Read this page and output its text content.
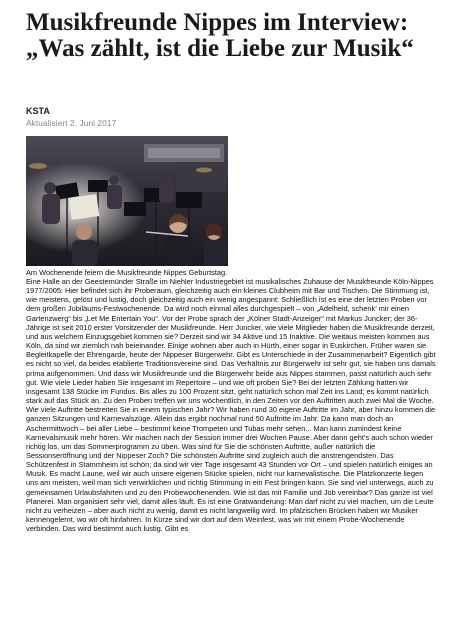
Musikfreunde Nippes im Interview: „Was zählt, ist die Liebe zur Musik“
KSTA
Aktualisiert 2. Juni 2017
Am Wochenende feiern die Musikfreunde Nippes Geburtstag.

Eine Halle an der Geestemünder Straße im Niehler Industriegebiet ist musikalisches Zuhause der Musikfreunde Köln-Nippes 1977/2005: Hier befindet sich ihr Proberaum, gleichzeitig auch ein kleines Clubheim mit Bar und Tischen. Die Stimmung ist, wie meistens, gelöst und lustig, doch gleichzeitig auch ein wenig angespannt: Schließlich ist es eine der letzten Proben vor dem großen Jubiläums-Festwochenende. Da wird noch einmal alles durchgespielt – von „Adelheid, schenk’ mir einen Gartenzwerg“ bis „Let Me Entertain You“. Vor der Probe sprach der „Kölner Stadt-Anzeiger“ mit Markus Juncker; der 36-Jährige ist seit 2010 erster Vorsitzender der Musikfreunde. Herr Juncker, wie viele Mitglieder haben die Musikfreunde derzeit, und aus welchem Einzugsgebiet kommen sie? Derzeit sind wir 34 Aktive und 15 Inaktive. Die weitaus meisten kommen aus Köln, da sind wir ziemlich nah beieinander. Einige wohnen aber auch in Hürth, einer sogar in Euskirchen. Früher waren sie Begleitkapelle der Ehrengarde, heute der Nippeser Bürgerwehr. Gibt es Unterschiede in der Zusammenarbeit? Eigentlich gibt es nicht so viel, da beides etablierte Traditionsvereine sind. Das Verhältnis zur Bürgerwehr ist sehr gut, sie haben uns damals prima aufgenommen. Und dass wir Musikfreunde und die Bürgerwehr beide aus Nippes stammen, passt natürlich auch sehr gut. Wie viele Lieder haben Sie insgesamt im Repertoire – und wie oft proben Sie? Bei der letzten Zählung hatten wir insgesamt 138 Stücke im Fundus. Bis alles zu 100 Prozent sitzt, geht natürlich schon mal Zeit ins Land; es kommt natürlich stark auf das Stück an. Zu den Proben treffen wir uns wöchentlich, in den Zeiten vor den Auftritten auch zwei Mal die Woche. Wie viele Auftritte bestreiten Sie in einem typischen Jahr? Wir haben rund 30 eigene Auftritte im Jahr, aber hinzu kommen die ganzen Sitzungen und Karnevalszüge. Allein das ergibt nochmal rund 50 Auftritte im Jahr. Da kann man doch an Aschermittwoch – bei aller Liebe – bestimmt keine Trompeten und Tubas mehr sehen... Man kann zumindest keine Karnevalsmusik mehr hören. Wir machen nach der Session immer drei Wochen Pause. Aber dann geht’s auch schon wieder richtig los, um das Sommerprogramm zu üben. Was sind für Sie die schönsten Auftritte, außer natürlich die Sessionseröffnung und der Nippeser Zoch? Die schönsten Auftritte sind zugleich auch die anstrengendsten. Das Schützenfest in Stammheim ist schön; da sind wir vier Tage insgesamt 43 Stunden vor Ort – und spielen natürlich einiges an Musik. Es macht Laune, weil wir auch unsere eigenen Stücke spielen, nicht nur karnevalistische. Die Platzkonzerte liegen uns am meisten, weil man sich verwirklichen und richtig Stimmung in ein Fest bringen kann. Sie sind viel unterwegs, auch zu gemeinsamen Urlaubsfahrten und zu den Probewochenenden. Wie ist das mit Familie und Job vereinbar? Das ganze ist viel Planerei. Man organisiert sehr viel, damit alles läuft. Es ist eine Gratwanderung: Man darf nicht zu viel machen, um die Leute nicht zu verheizen – aber auch nicht zu wenig, damit es nicht langweilig wird. Im pfälzischen Brücken haben wir Musiker kennengelernt, wo wir oft hinfahren. In Kürze sind wir dort auf dem Weinfest, was wir mit einem Probe-Wochenende verbinden. Das wird bestimmt auch lustig. Gibt es
